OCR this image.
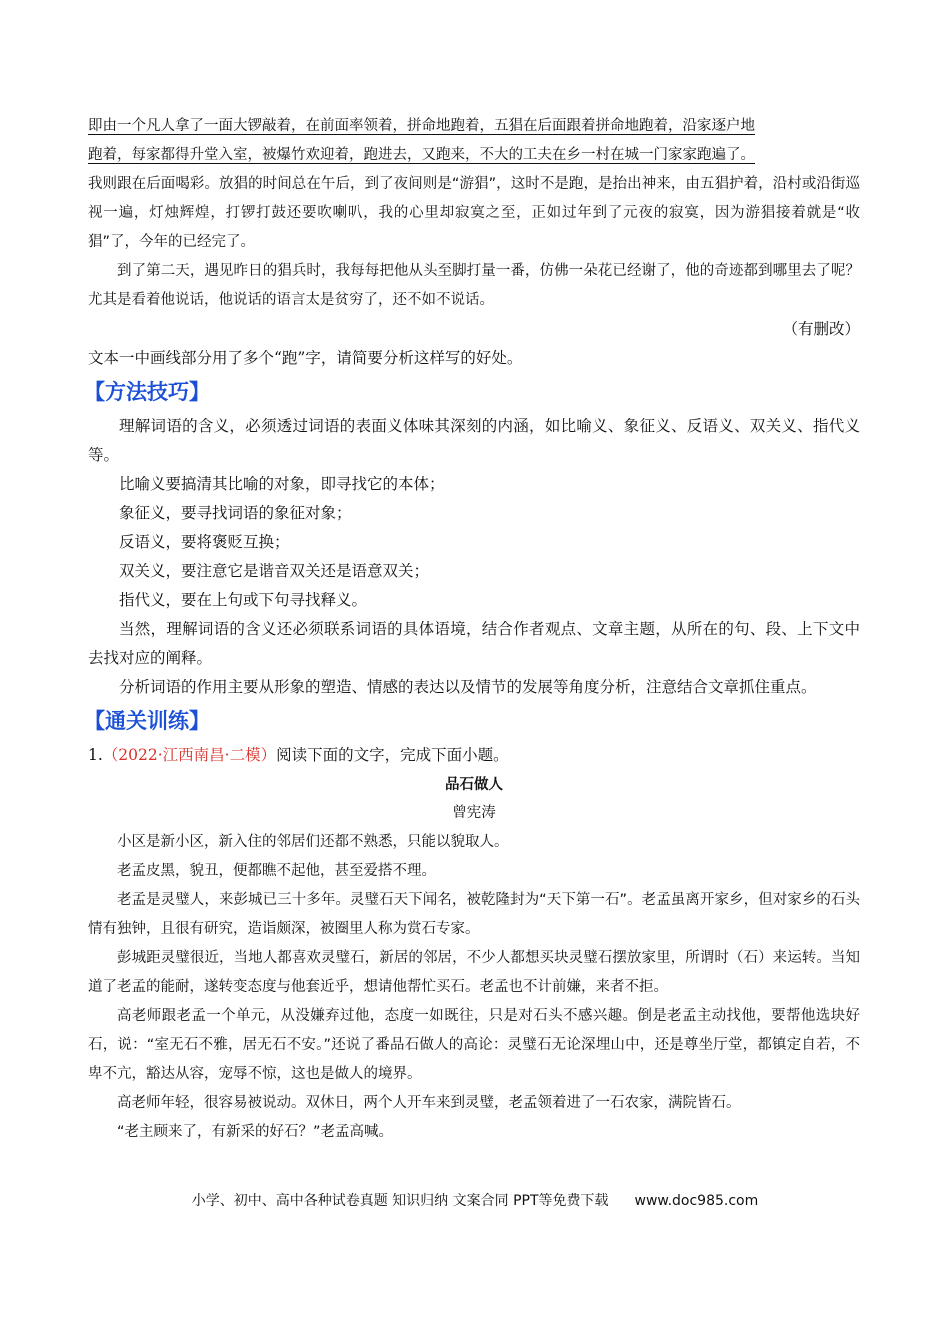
即由一个凡人拿了一面大锣敲着，在前面率领着，拼命地跑着，五猖在后面跟着拼命地跑着，沿家逐户地

跑着，每家都得升堂入室，被爆竹欢迎着，跑进去，又跑来，不大的工夫在乡一村在城一门家家跑遍了。

我则跟在后面喝彩。放猖的时间总在午后，到了夜间则是“游猖”，这时不是跑，是抬出神来，由五猖护着，沿村或沿街巡视一遍，灯烛辉煌，打锣打鼓还要吹喇叭，我的心里却寂寞之至，正如过年到了元夜的寂寞，因为游猖接着就是“收猖”了，今年的已经完了。

到了第二天，遇见昨日的猖兵时，我每每把他从头至脚打量一番，仿佛一朵花已经谢了，他的奇迹都到哪里去了呢？尤其是看着他说话，他说话的语言太是贫穷了，还不如不说话。

（有删改）

文本一中画线部分用了多个“跑”字，请简要分析这样写的好处。

【方法技巧】

理解词语的含义，必须透过词语的表面义体味其深刻的内涵，如比喻义、象征义、反语义、双关义、指代义等。

比喻义要搞清其比喻的对象，即寻找它的本体；

象征义，要寻找词语的象征对象；

反语义，要将褒贬互换；

双关义，要注意它是谐音双关还是语意双关；

指代义，要在上句或下句寻找释义。

当然，理解词语的含义还必须联系词语的具体语境，结合作者观点、文章主题，从所在的句、段、上下文中去找对应的阐释。

分析词语的作用主要从形象的塑造、情感的表达以及情节的发展等角度分析，注意结合文章抓住重点。

【通关训练】

1.（2022·江西南昌·二模）阅读下面的文字，完成下面小题。

品石做人

曾宪涛

小区是新小区，新入住的邻居们还都不熟悉，只能以貌取人。

老孟皮黑，貌丑，便都瞧不起他，甚至爱搭不理。

老孟是灵璧人，来彭城已三十多年。灵璧石天下闻名，被乾隆封为“天下第一石”。老孟虽离开家乡，但对家乡的石头情有独钟，且很有研究，造诣颇深，被圈里人称为赏石专家。

彭城距灵璧很近，当地人都喜欢灵璧石，新居的邻居，不少人都想买块灵璧石摆放家里，所谓时（石）来运转。当知道了老孟的能耐，遂转变态度与他套近乎，想请他帮忙买石。老孟也不计前嫌，来者不拒。

高老师跟老孟一个单元，从没嫌弃过他，态度一如既往，只是对石头不感兴趣。倒是老孟主动找他，要帮他选块好石，说：“室无石不雅，居无石不安。”还说了番品石做人的高论：灵璧石无论深埋山中，还是尊坐厅堂，都镇定自若，不卑不亢，豁达从容，宠辱不惊，这也是做人的境界。

高老师年轻，很容易被说动。双休日，两个人开车来到灵璧，老孟领着进了一石农家，满院皆石。

“老主顾来了，有新采的好石？”老孟高喊。

小学、初中、高中各种试卷真题 知识归纳 文案合同 PPT等免费下载 www.doc985.com
